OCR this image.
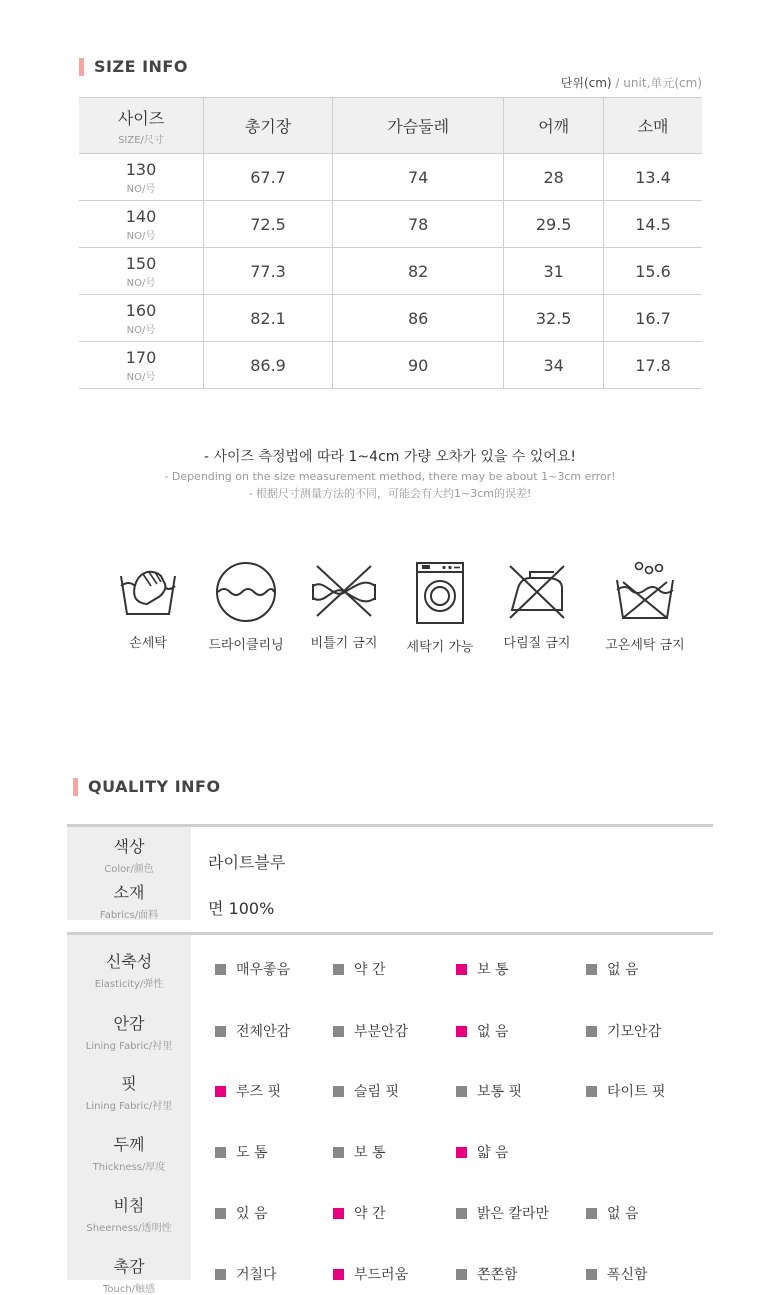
SIZE INFO
단위(cm) / unit,单元(cm)
사이즈
SIZE/尺寸	총기장	가슴둘레	어깨	소매
130
NO/号	67.7	74	28	13.4
140
NO/号	72.5	78	29.5	14.5
150
NO/号	77.3	82	31	15.6
160
NO/号	82.1	86	32.5	16.7
170
NO/号	86.9	90	34	17.8
- 사이즈 측정법에 따라 1~4cm 가량 오차가 있을 수 있어요!
- Depending on the size measurement method, there may be about 1~3cm error!
- 根据尺寸测量方法的不同，可能会有大约1~3cm的误差!
손세탁	드라이클리닝	비틀기 금지	세탁기 가능	다림질 금지	고온세탁 금지
QUALITY INFO
색상
Color/颜色	라이트블루
소재
Fabrics/面料	면 100%
신축성
Elasticity/弹性
매우좋음	약 간	보 통	없 음
안감
Lining Fabric/衬里
전체안감	부분안감	없 음	기모안감
핏
Lining Fabric/衬里
루즈 핏	슬림 핏	보통 핏	타이트 핏
두께
Thickness/厚度
도 톰	보 통	얇 음
비침
Sheerness/透明性
있 음	약 간	밝은 칼라만	없 음
촉감
Touch/触感
거칠다	부드러움	쫀쫀함	폭신함
